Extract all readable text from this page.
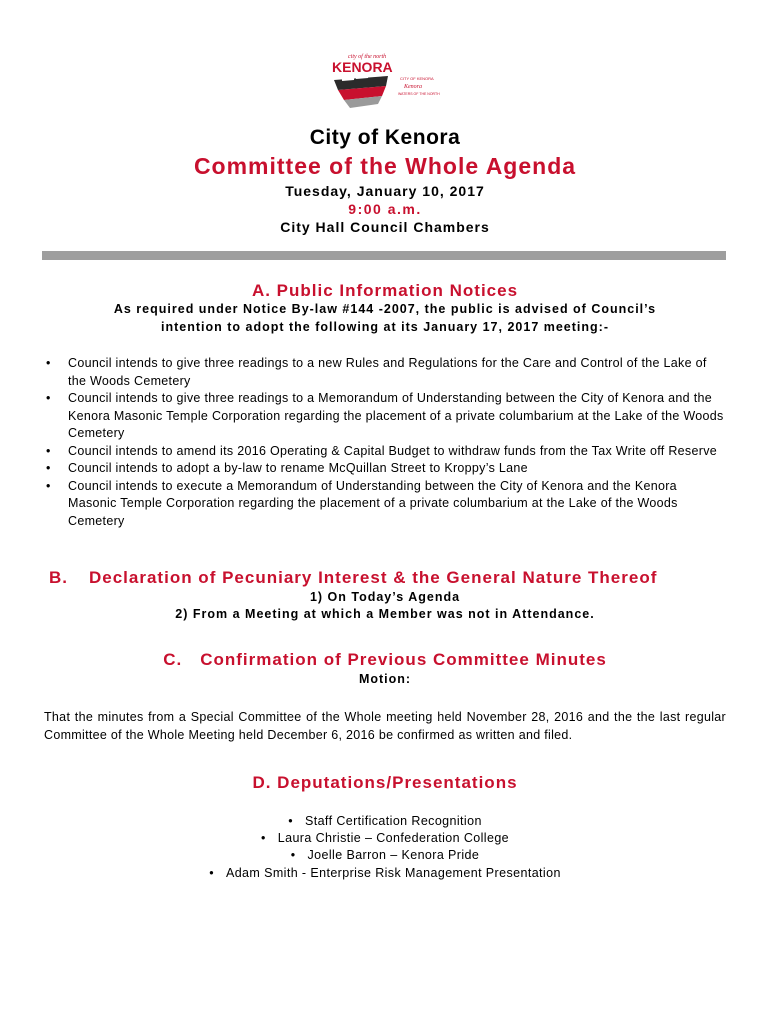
city of the north
KENORA
CITY OF KENORA
Kenora
WATERS OF THE NORTH
City of Kenora
Committee of the Whole Agenda
Tuesday, January 10, 2017
9:00 a.m.
City Hall Council Chambers
A. Public Information Notices
As required under Notice By-law #144 -2007, the public is advised of Council’s
intention to adopt the following at its January 17, 2017 meeting:-
• Council intends to give three readings to a new Rules and Regulations for the Care and Control of the Lake of the Woods Cemetery
• Council intends to give three readings to a Memorandum of Understanding between the City of Kenora and the Kenora Masonic Temple Corporation regarding the placement of a private columbarium at the Lake of the Woods Cemetery
• Council intends to amend its 2016 Operating & Capital Budget to withdraw funds from the Tax Write off Reserve
• Council intends to adopt a by-law to rename McQuillan Street to Kroppy’s Lane
• Council intends to execute a Memorandum of Understanding between the City of Kenora and the Kenora Masonic Temple Corporation regarding the placement of a private columbarium at the Lake of the Woods Cemetery
B. Declaration of Pecuniary Interest & the General Nature Thereof
1) On Today’s Agenda
2) From a Meeting at which a Member was not in Attendance.
C. Confirmation of Previous Committee Minutes
Motion:
That the minutes from a Special Committee of the Whole meeting held November 28, 2016 and the the last regular Committee of the Whole Meeting held December 6, 2016 be confirmed as written and filed.
D. Deputations/Presentations
• Staff Certification Recognition
• Laura Christie – Confederation College
• Joelle Barron – Kenora Pride
• Adam Smith - Enterprise Risk Management Presentation
